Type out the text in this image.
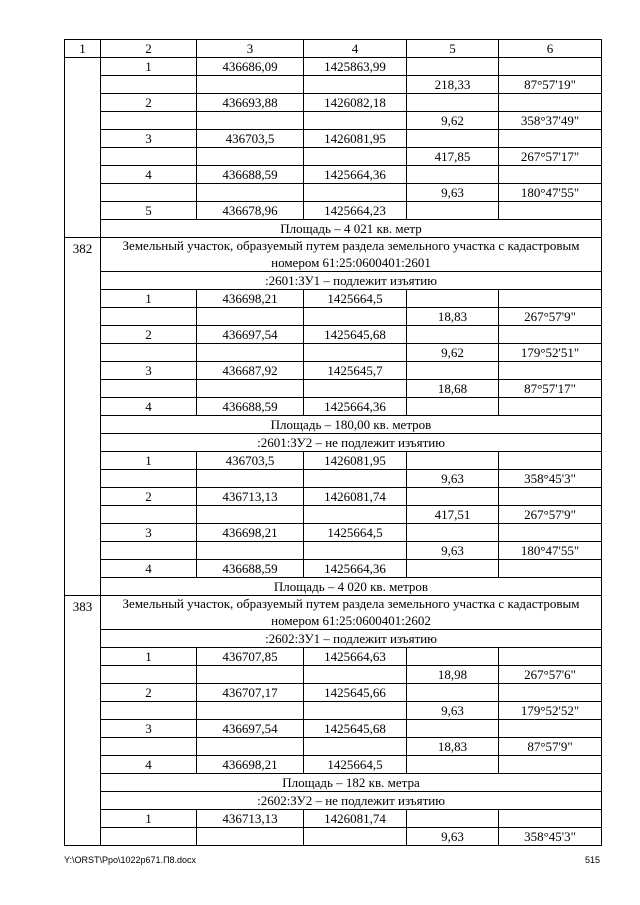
1	2	3	4	5	6
	1	436686,09	1425863,99		
				218,33	87°57'19"
	2	436693,88	1426082,18		
				9,62	358°37'49"
	3	436703,5	1426081,95		
				417,85	267°57'17"
	4	436688,59	1425664,36		
				9,63	180°47'55"
	5	436678,96	1425664,23		
	Площадь – 4 021 кв. метр				
382	Земельный участок, образуемый путем раздела земельного участка с кадастровым номером 61:25:0600401:2601				
	:2601:ЗУ1 – подлежит изъятию				
	1	436698,21	1425664,5		
				18,83	267°57'9"
	2	436697,54	1425645,68		
				9,62	179°52'51"
	3	436687,92	1425645,7		
				18,68	87°57'17"
	4	436688,59	1425664,36		
	Площадь – 180,00 кв. метров				
	:2601:ЗУ2 – не подлежит изъятию				
	1	436703,5	1426081,95		
				9,63	358°45'3"
	2	436713,13	1426081,74		
				417,51	267°57'9"
	3	436698,21	1425664,5		
				9,63	180°47'55"
	4	436688,59	1425664,36		
	Площадь – 4 020 кв. метров				
383	Земельный участок, образуемый путем раздела земельного участка с кадастровым номером 61:25:0600401:2602				
	:2602:ЗУ1 – подлежит изъятию				
	1	436707,85	1425664,63		
				18,98	267°57'6"
	2	436707,17	1425645,66		
				9,63	179°52'52"
	3	436697,54	1425645,68		
				18,83	87°57'9"
	4	436698,21	1425664,5		
	Площадь – 182 кв. метра				
	:2602:ЗУ2 – не подлежит изъятию				
	1	436713,13	1426081,74		
				9,63	358°45'3"
Y:\ORST\Ppo\1022p671.П8.docx	515
